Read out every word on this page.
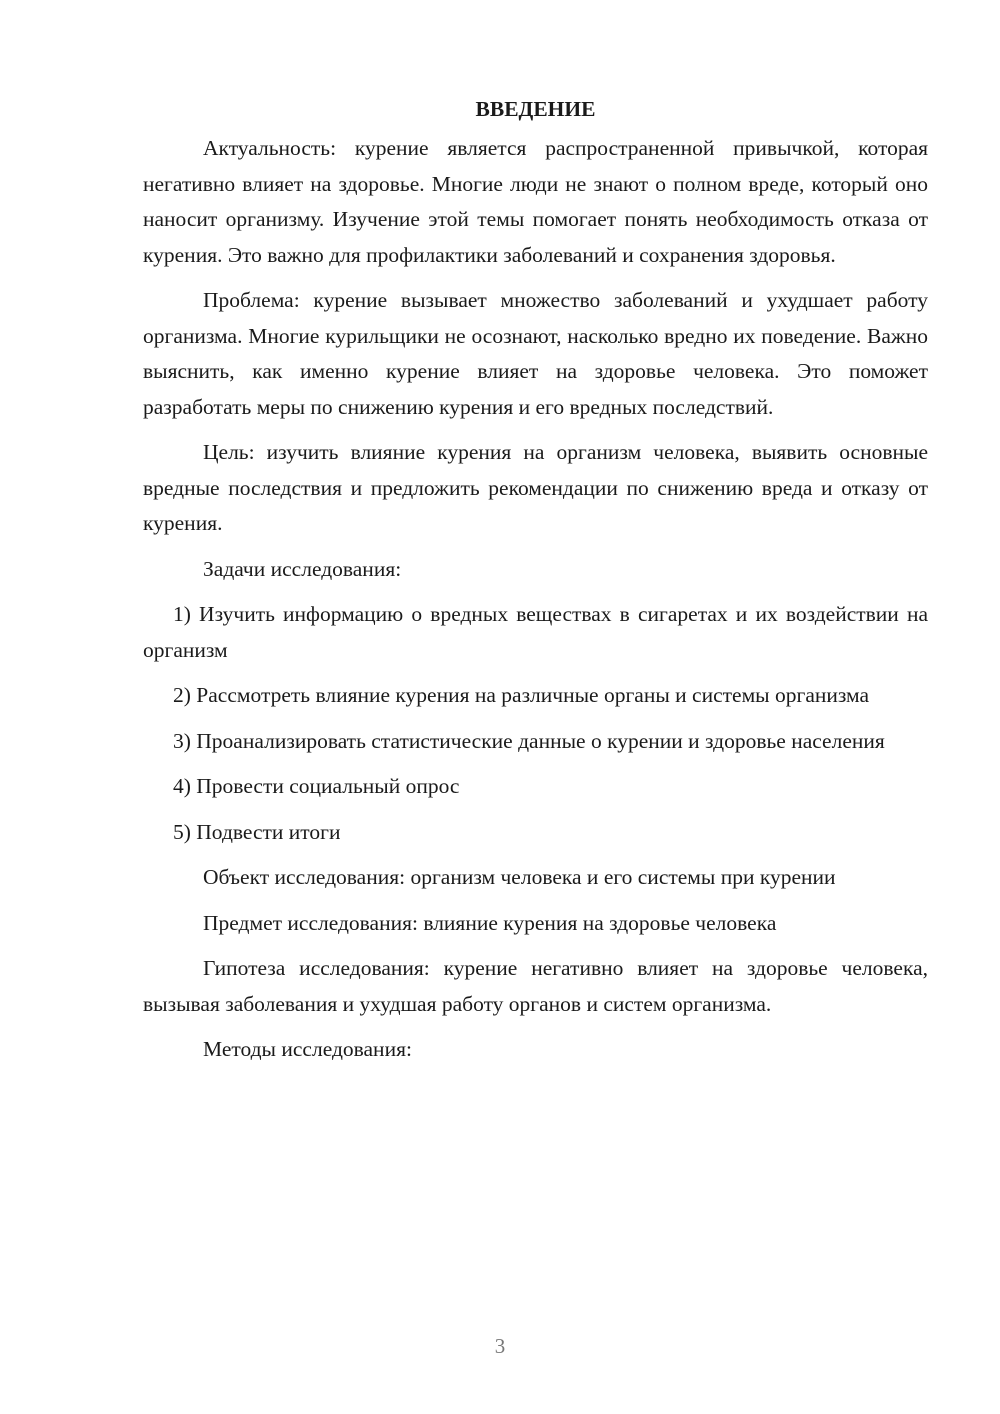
ВВЕДЕНИЕ

Актуальность: курение является распространенной привычкой, которая негативно влияет на здоровье. Многие люди не знают о полном вреде, который оно наносит организму. Изучение этой темы помогает понять необходимость отказа от курения. Это важно для профилактики заболеваний и сохранения здоровья.

Проблема: курение вызывает множество заболеваний и ухудшает работу организма. Многие курильщики не осознают, насколько вредно их поведение. Важно выяснить, как именно курение влияет на здоровье человека. Это поможет разработать меры по снижению курения и его вредных последствий.

Цель: изучить влияние курения на организм человека, выявить основные вредные последствия и предложить рекомендации по снижению вреда и отказу от курения.

Задачи исследования:

1) Изучить информацию о вредных веществах в сигаретах и их воздействии на организм

2) Рассмотреть влияние курения на различные органы и системы организма

3) Проанализировать статистические данные о курении и здоровье населения

4) Провести социальный опрос

5) Подвести итоги

Объект исследования: организм человека и его системы при курении

Предмет исследования: влияние курения на здоровье человека

Гипотеза исследования: курение негативно влияет на здоровье человека, вызывая заболевания и ухудшая работу органов и систем организма.

Методы исследования:

3
